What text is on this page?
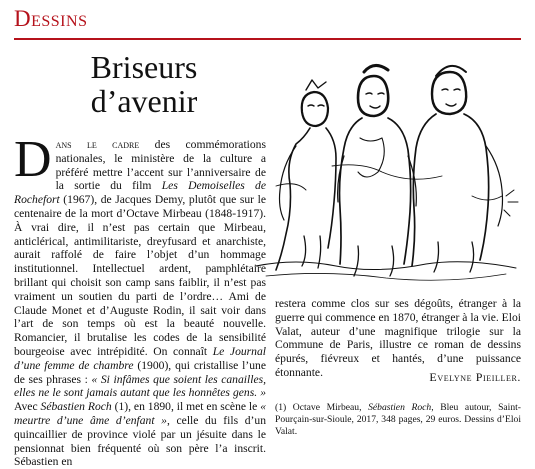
Dessins
Briseurs
d’avenir
Dans le cadre des commémorations nationales, le ministère de la culture a préféré mettre l’accent sur l’anniversaire de la sortie du film Les Demoiselles de Rochefort (1967), de Jacques Demy, plutôt que sur le centenaire de la mort d’Octave Mirbeau (1848-1917). À vrai dire, il n’est pas certain que Mirbeau, anticlérical, antimilitariste, dreyfusard et anarchiste, aurait raffolé de faire l’objet d’un hommage institutionnel. Intellectuel ardent, pamphlétaire brillant qui choisit son camp sans faiblir, il n’est pas vraiment un soutien du parti de l’ordre… Ami de Claude Monet et d’Auguste Rodin, il sait voir dans l’art de son temps où est la beauté nouvelle. Romancier, il brutalise les codes de la sensibilité bourgeoise avec intrépidité. On connaît Le Journal d’une femme de chambre (1900), qui cristallise l’une de ses phrases : « Si infâmes que soient les canailles, elles ne le sont jamais autant que les honnêtes gens. » Avec Sébastien Roch (1), en 1890, il met en scène le « meurtre d’une âme d’enfant », celle du fils d’un quincaillier de province violé par un jésuite dans le pensionnat bien fréquenté où son père l’a inscrit. Sébastien en
restera comme clos sur ses dégoûts, étranger à la guerre qui commence en 1870, étranger à la vie. Eloi Valat, auteur d’une magnifique trilogie sur la Commune de Paris, illustre ce roman de dessins épurés, fiévreux et hantés, d’une puissance étonnante.	Evelyne Pieiller.
(1) Octave Mirbeau, Sébastien Roch, Bleu autour, Saint-Pourçain-sur-Sioule, 2017, 348 pages, 29 euros. Dessins d’Eloi Valat.
